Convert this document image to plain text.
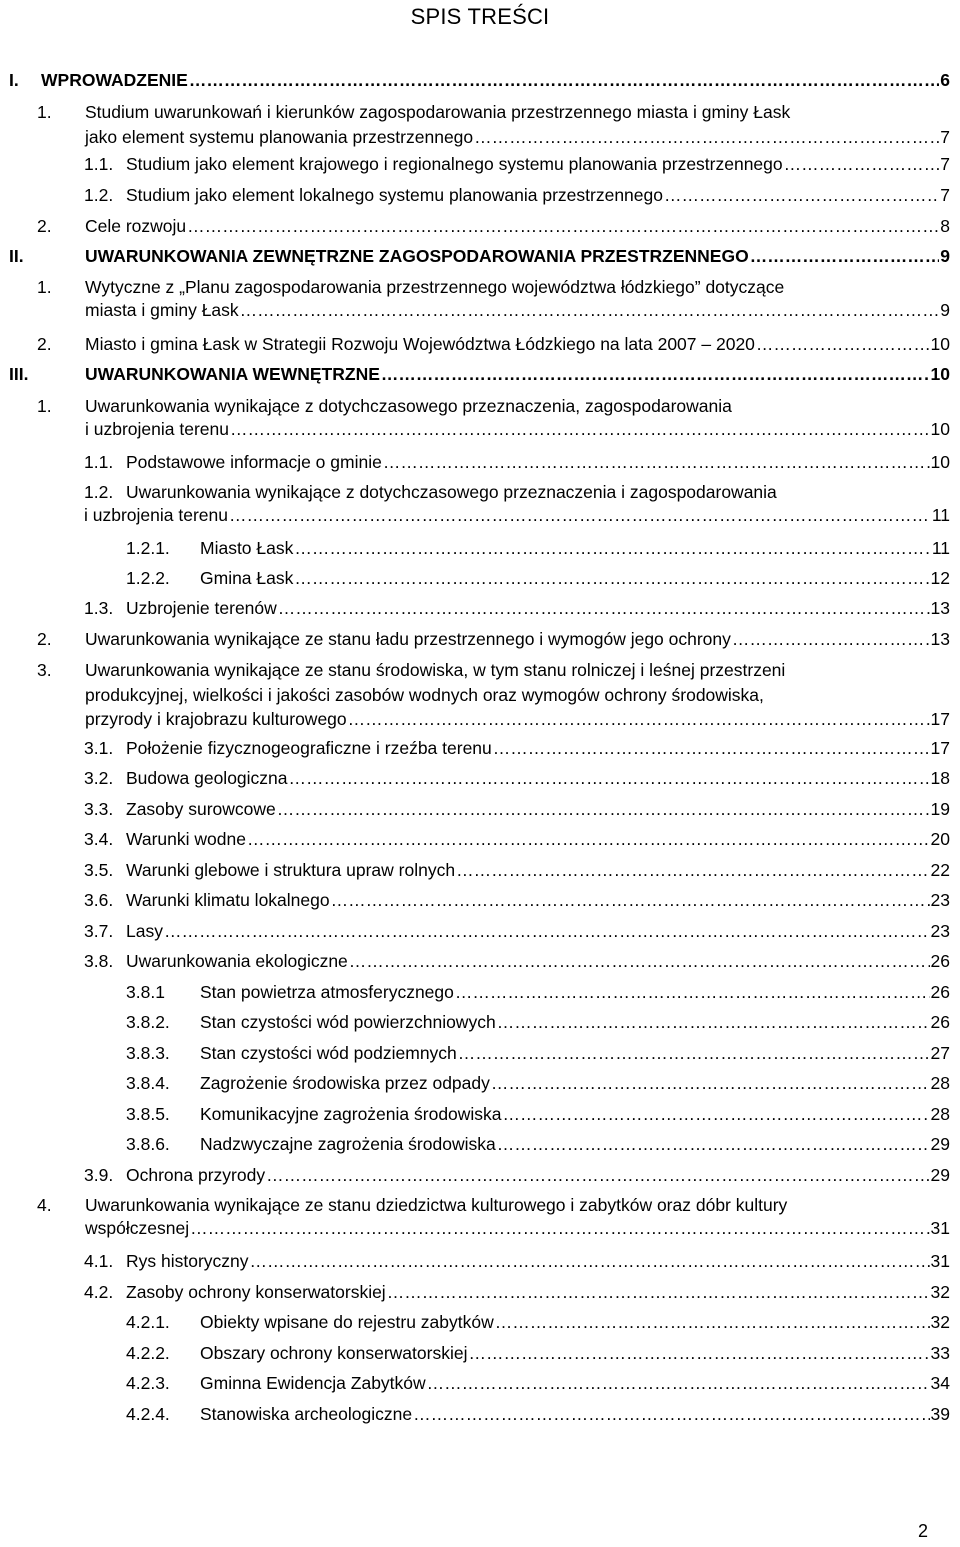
SPIS TREŚCI
I.	WPROWADZENIE ……………………………………………………………………………………………………………………………………………………………………………………………………………………	6
1.	Studium uwarunkowań i kierunków zagospodarowania przestrzennego miasta i gminy Łask
jako element systemu planowania przestrzennego ……………………………………………………………………………………………………………………………………………………………………………………………………………………	7
1.1. Studium jako element krajowego i regionalnego systemu planowania przestrzennego ……………………………………………………………………………………………………………………………………………………………………………………………………………………	7
1.2. Studium jako element lokalnego systemu planowania przestrzennego ……………………………………………………………………………………………………………………………………………………………………………………………………………………	7
2.	Cele rozwoju ……………………………………………………………………………………………………………………………………………………………………………………………………………………	8
II.	UWARUNKOWANIA ZEWNĘTRZNE ZAGOSPODAROWANIA PRZESTRZENNEGO ……………………………………………………………………………………………………………………………………………………………………………………………………………………	9
1.	Wytyczne z „Planu zagospodarowania przestrzennego województwa łódzkiego” dotyczące
miasta i gminy Łask ……………………………………………………………………………………………………………………………………………………………………………………………………………………	9
2.	Miasto i gmina Łask w Strategii Rozwoju Województwa Łódzkiego na lata 2007 – 2020 ……………………………………………………………………………………………………………………………………………………………………………………………………………………	10
III.	UWARUNKOWANIA WEWNĘTRZNE ……………………………………………………………………………………………………………………………………………………………………………………………………………………	10
1.	Uwarunkowania wynikające z dotychczasowego przeznaczenia, zagospodarowania
i uzbrojenia terenu ……………………………………………………………………………………………………………………………………………………………………………………………………………………	10
1.1. Podstawowe informacje o gminie ……………………………………………………………………………………………………………………………………………………………………………………………………………………	10
1.2. Uwarunkowania wynikające z dotychczasowego przeznaczenia i zagospodarowania
i uzbrojenia terenu ……………………………………………………………………………………………………………………………………………………………………………………………………………………	11
1.2.1.	Miasto Łask ……………………………………………………………………………………………………………………………………………………………………………………………………………………	11
1.2.2.	Gmina Łask ……………………………………………………………………………………………………………………………………………………………………………………………………………………	12
1.3. Uzbrojenie terenów ……………………………………………………………………………………………………………………………………………………………………………………………………………………	13
2.	Uwarunkowania wynikające ze stanu ładu przestrzennego i wymogów jego ochrony ……………………………………………………………………………………………………………………………………………………………………………………………………………………	13
3.	Uwarunkowania wynikające ze stanu środowiska, w tym stanu rolniczej i leśnej przestrzeni
produkcyjnej, wielkości i jakości zasobów wodnych oraz wymogów ochrony środowiska,
przyrody i krajobrazu kulturowego ……………………………………………………………………………………………………………………………………………………………………………………………………………………	17
3.1. Położenie fizycznogeograficzne i rzeźba terenu ……………………………………………………………………………………………………………………………………………………………………………………………………………………	17
3.2. Budowa geologiczna ……………………………………………………………………………………………………………………………………………………………………………………………………………………	18
3.3. Zasoby surowcowe ……………………………………………………………………………………………………………………………………………………………………………………………………………………	19
3.4. Warunki wodne ……………………………………………………………………………………………………………………………………………………………………………………………………………………	20
3.5. Warunki glebowe i struktura upraw rolnych ……………………………………………………………………………………………………………………………………………………………………………………………………………………	22
3.6. Warunki klimatu lokalnego ……………………………………………………………………………………………………………………………………………………………………………………………………………………	23
3.7. Lasy ……………………………………………………………………………………………………………………………………………………………………………………………………………………	23
3.8. Uwarunkowania ekologiczne ……………………………………………………………………………………………………………………………………………………………………………………………………………………	26
3.8.1	Stan powietrza atmosferycznego ……………………………………………………………………………………………………………………………………………………………………………………………………………………	26
3.8.2.	Stan czystości wód powierzchniowych ……………………………………………………………………………………………………………………………………………………………………………………………………………………	26
3.8.3.	Stan czystości wód podziemnych ……………………………………………………………………………………………………………………………………………………………………………………………………………………	27
3.8.4.	Zagrożenie środowiska przez odpady ……………………………………………………………………………………………………………………………………………………………………………………………………………………	28
3.8.5.	Komunikacyjne zagrożenia środowiska ……………………………………………………………………………………………………………………………………………………………………………………………………………………	28
3.8.6.	Nadzwyczajne zagrożenia środowiska ……………………………………………………………………………………………………………………………………………………………………………………………………………………	29
3.9. Ochrona przyrody ……………………………………………………………………………………………………………………………………………………………………………………………………………………	29
4.	Uwarunkowania wynikające ze stanu dziedzictwa kulturowego i zabytków oraz dóbr kultury
współczesnej ……………………………………………………………………………………………………………………………………………………………………………………………………………………	31
4.1. Rys historyczny ……………………………………………………………………………………………………………………………………………………………………………………………………………………	31
4.2. Zasoby ochrony konserwatorskiej ……………………………………………………………………………………………………………………………………………………………………………………………………………………	32
4.2.1.	Obiekty wpisane do rejestru zabytków ……………………………………………………………………………………………………………………………………………………………………………………………………………………	32
4.2.2.	Obszary ochrony konserwatorskiej ……………………………………………………………………………………………………………………………………………………………………………………………………………………	33
4.2.3.	Gminna Ewidencja Zabytków ……………………………………………………………………………………………………………………………………………………………………………………………………………………	34
4.2.4.	Stanowiska archeologiczne ……………………………………………………………………………………………………………………………………………………………………………………………………………………	39
2
